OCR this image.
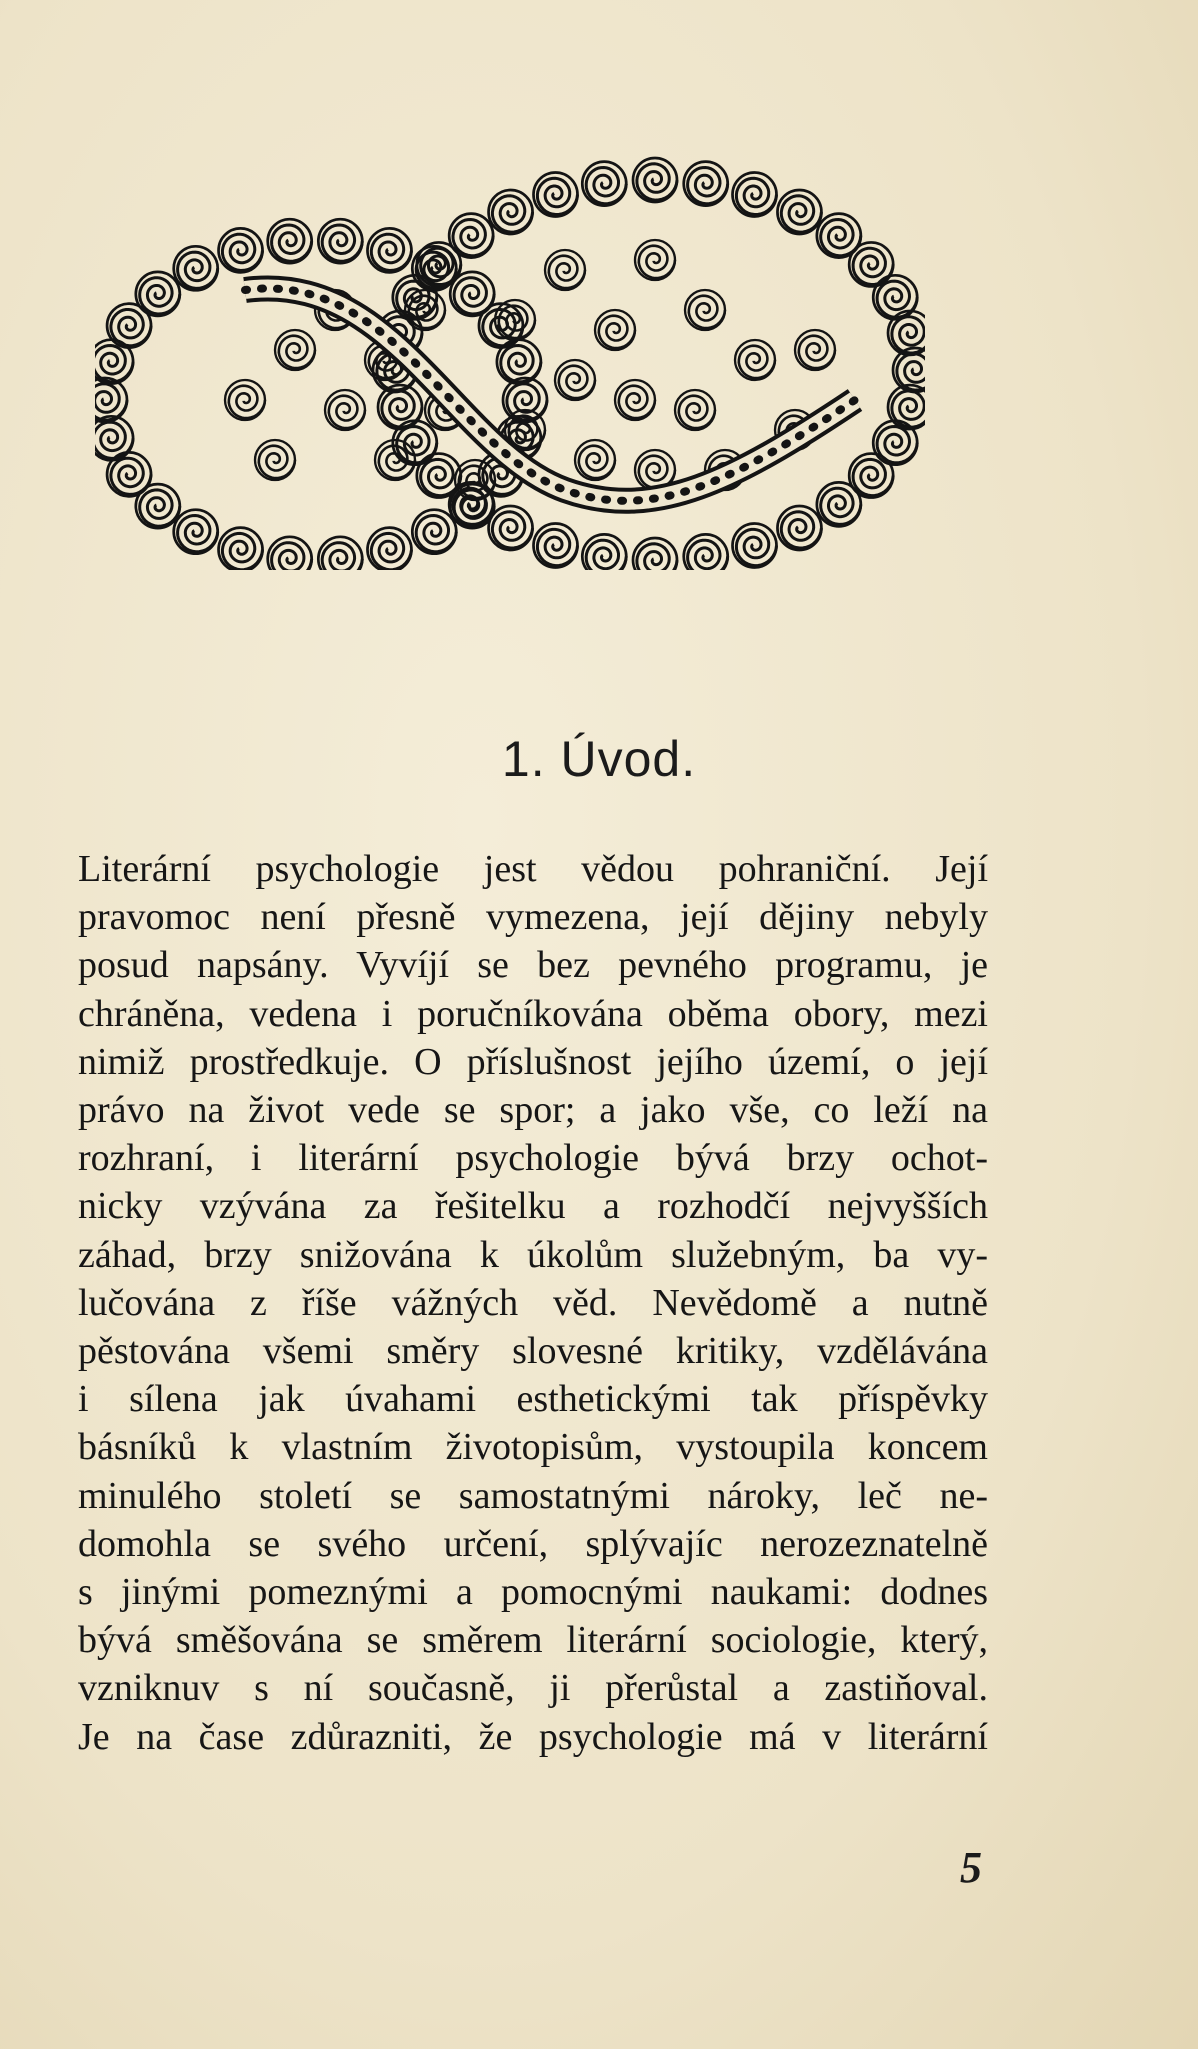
1. Úvod.
Literární psychologie jest vědou pohraniční. Její
pravomoc není přesně vymezena, její dějiny nebyly
posud napsány. Vyvíjí se bez pevného programu, je
chráněna, vedena i poručníkována oběma obory, mezi
nimiž prostředkuje. O příslušnost jejího území, o její
právo na život vede se spor; a jako vše, co leží na
rozhraní, i literární psychologie bývá brzy ochot-
nicky vzývána za řešitelku a rozhodčí nejvyšších
záhad, brzy snižována k úkolům služebným, ba vy-
lučována z říše vážných věd. Nevědomě a nutně
pěstována všemi směry slovesné kritiky, vzdělávána
i sílena jak úvahami esthetickými tak příspěvky
básníků k vlastním životopisům, vystoupila koncem
minulého století se samostatnými nároky, leč ne-
domohla se svého určení, splývajíc nerozeznatelně
s jinými pomeznými a pomocnými naukami: dodnes
bývá směšována se směrem literární sociologie, který,
vzniknuv s ní současně, ji přerůstal a zastiňoval.
Je na čase zdůrazniti, že psychologie má v literární
5
